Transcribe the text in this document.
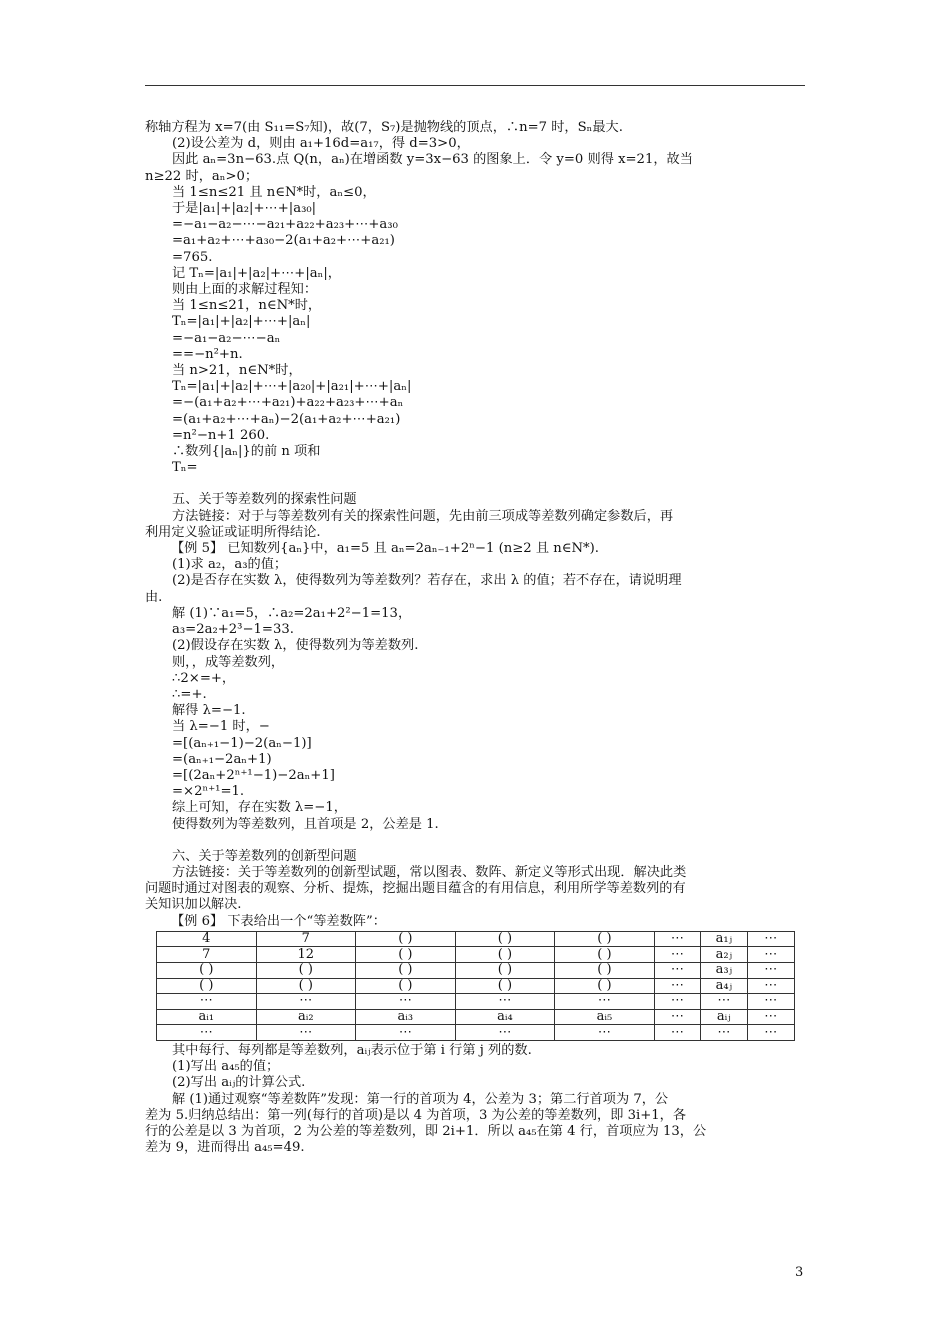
称轴方程为 x=7(由 S₁₁=S₇知)，故(7，S₇)是抛物线的顶点，∴n=7 时，Sₙ最大.
(2)设公差为 d，则由 a₁+16d=a₁₇，得 d=3>0，
因此 aₙ=3n−63.点 Q(n，aₙ)在增函数 y=3x−63 的图象上．令 y=0 则得 x=21，故当
n≥22 时，aₙ>0；
当 1≤n≤21 且 n∈N*时，aₙ≤0，
于是|a₁|+|a₂|+⋯+|a₃₀|
=−a₁−a₂−⋯−a₂₁+a₂₂+a₂₃+⋯+a₃₀
=a₁+a₂+⋯+a₃₀−2(a₁+a₂+⋯+a₂₁)
=765.
记 Tₙ=|a₁|+|a₂|+⋯+|aₙ|，
则由上面的求解过程知：
当 1≤n≤21，n∈N*时，
Tₙ=|a₁|+|a₂|+⋯+|aₙ|
=−a₁−a₂−⋯−aₙ
==−n²+n.
当 n>21，n∈N*时，
Tₙ=|a₁|+|a₂|+⋯+|a₂₀|+|a₂₁|+⋯+|aₙ|
=−(a₁+a₂+⋯+a₂₁)+a₂₂+a₂₃+⋯+aₙ
=(a₁+a₂+⋯+aₙ)−2(a₁+a₂+⋯+a₂₁)
=n²−n+1 260.
∴数列{|aₙ|}的前 n 项和
Tₙ=
五、关于等差数列的探索性问题
方法链接：对于与等差数列有关的探索性问题，先由前三项成等差数列确定参数后，再
利用定义验证或证明所得结论.
【例 5】 已知数列{aₙ}中，a₁=5 且 aₙ=2aₙ₋₁+2ⁿ−1 (n≥2 且 n∈N*).
(1)求 a₂，a₃的值；
(2)是否存在实数 λ，使得数列为等差数列？若存在，求出 λ 的值；若不存在，请说明理
由.
解 (1)∵a₁=5，∴a₂=2a₁+2²−1=13，
a₃=2a₂+2³−1=33.
(2)假设存在实数 λ，使得数列为等差数列.
则，，成等差数列，
∴2×=+，
∴=+.
解得 λ=−1.
当 λ=−1 时，−
=[(aₙ₊₁−1)−2(aₙ−1)]
=(aₙ₊₁−2aₙ+1)
=[(2aₙ+2ⁿ⁺¹−1)−2aₙ+1]
=×2ⁿ⁺¹=1.
综上可知，存在实数 λ=−1，
使得数列为等差数列，且首项是 2，公差是 1.
六、关于等差数列的创新型问题
方法链接：关于等差数列的创新型试题，常以图表、数阵、新定义等形式出现．解决此类
问题时通过对图表的观察、分析、提炼，挖掘出题目蕴含的有用信息，利用所学等差数列的有
关知识加以解决.
【例 6】 下表给出一个“等差数阵”：
4	7	( )	( )	( )	⋯	a₁ⱼ	⋯
7	12	( )	( )	( )	⋯	a₂ⱼ	⋯
( )	( )	( )	( )	( )	⋯	a₃ⱼ	⋯
( )	( )	( )	( )	( )	⋯	a₄ⱼ	⋯
⋯	⋯	⋯	⋯	⋯	⋯	⋯	⋯
aᵢ₁	aᵢ₂	aᵢ₃	aᵢ₄	aᵢ₅	⋯	aᵢⱼ	⋯
⋯	⋯	⋯	⋯	⋯	⋯	⋯	⋯
其中每行、每列都是等差数列，aᵢⱼ表示位于第 i 行第 j 列的数.
(1)写出 a₄₅的值；
(2)写出 aᵢⱼ的计算公式.
解 (1)通过观察“等差数阵”发现：第一行的首项为 4，公差为 3；第二行首项为 7，公
差为 5.归纳总结出：第一列(每行的首项)是以 4 为首项，3 为公差的等差数列，即 3i+1，各
行的公差是以 3 为首项，2 为公差的等差数列，即 2i+1．所以 a₄₅在第 4 行，首项应为 13，公
差为 9，进而得出 a₄₅=49.
3
